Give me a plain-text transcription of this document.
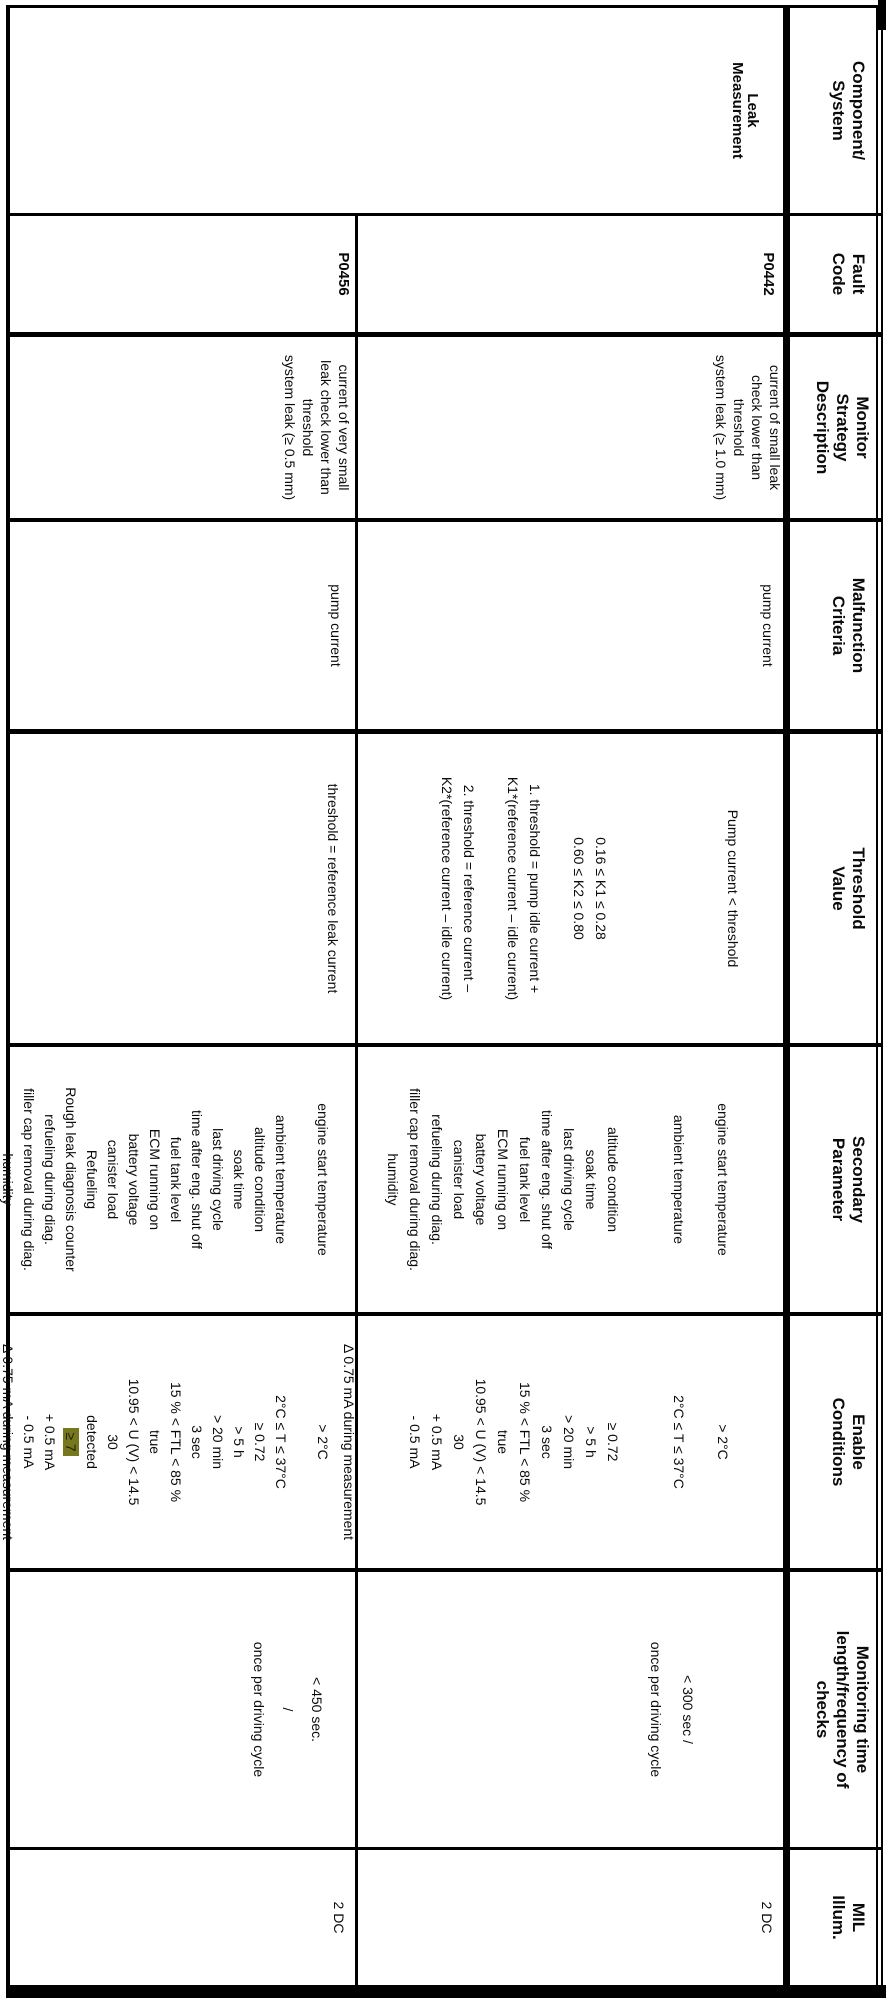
Component/
System
Fault
Code
Monitor
Strategy
Description
Malfunction
Criteria
Threshold
Value
Secondary
Parameter
Enable
Conditions
Monitoring time
length/frequency of
checks
MIL
Illum.
Leak
Measurement
P0442
current of small leak
check lower than
threshold
system leak (≥ 1.0 mm)
pump current
Pump current < threshold

0.16 ≤ K1 ≤ 0.28
0.60 ≤ K2 ≤ 0.80

1. threshold = pump idle current +
K1*(reference current – idle current)

2. threshold = reference current –
K2*(reference current – idle current)
engine start temperature

ambient temperature

altitude condition
soak time
last driving cycle
time after eng. shut off
fuel tank level
ECM running on
battery voltage
canister load
refueling during diag.
filler cap removal during diag.
humidity
> 2°C

2°C ≤ T ≤ 37°C

≥ 0.72
> 5 h
> 20 min
3 sec
15 % < FTL < 85 %
true
10.95 < U (V) < 14.5
30
+ 0.5 mA
- 0.5 mA

Δ 0.75 mA during measurement
< 300 sec /
once per driving cycle
2 DC
P0456
current of very small
leak check lower than
threshold
system leak (≥ 0.5 mm)
pump current
threshold = reference leak current
engine start temperature

ambient temperature
altitude condition
soak time
last driving cycle
time after eng. shut off
fuel tank level
ECM running on
battery voltage
canister load
Refueling
Rough leak diagnosis counter
refueling during diag.
filler cap removal during diag.
humidity
> 2°C

2°C ≤ T ≤ 37°C
≥ 0.72
> 5 h
> 20 min
3 sec
15 % < FTL < 85 %
true
10.95 < U (V) < 14.5
30
detected
≥ 7
+ 0.5 mA
- 0.5 mA
Δ 0.75 mA during measurement
< 450 sec.
/
once per driving cycle
2 DC
